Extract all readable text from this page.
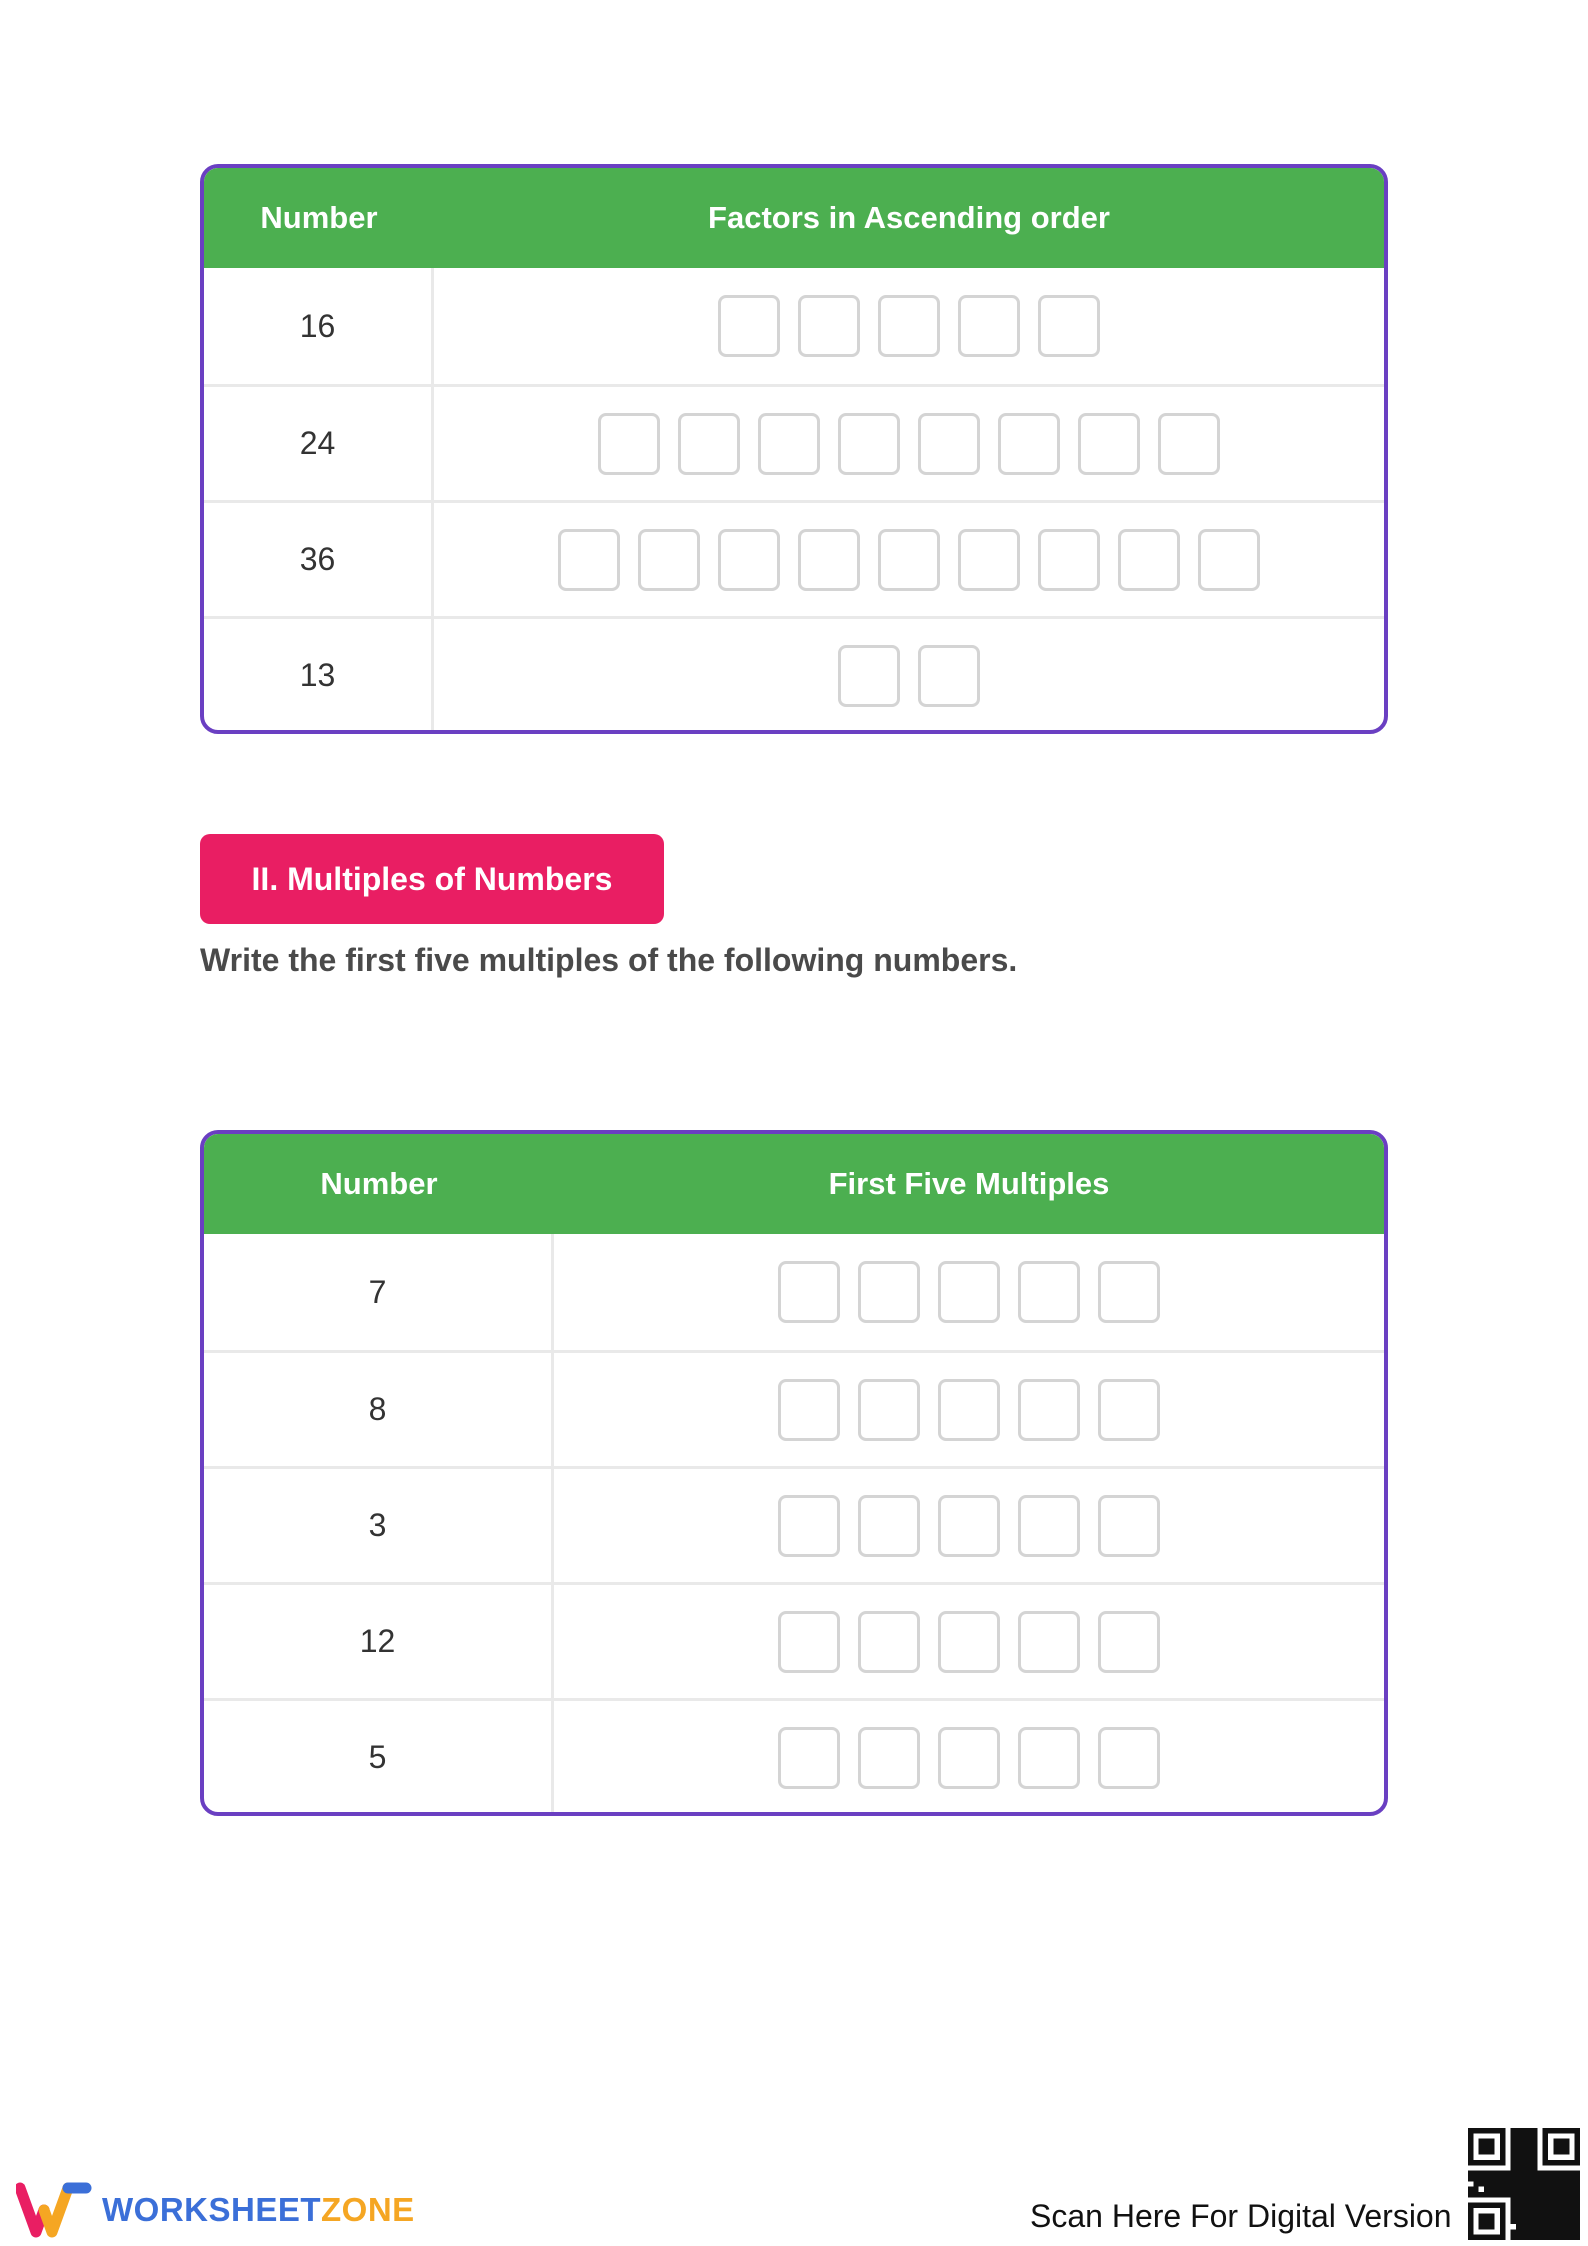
Number	Factors in Ascending order
16
24
36
13
II. Multiples of Numbers
Write the first five multiples of the following numbers.
Number	First Five Multiples
7
8
3
12
5
WORKSHEETZONE	Scan Here For Digital Version
